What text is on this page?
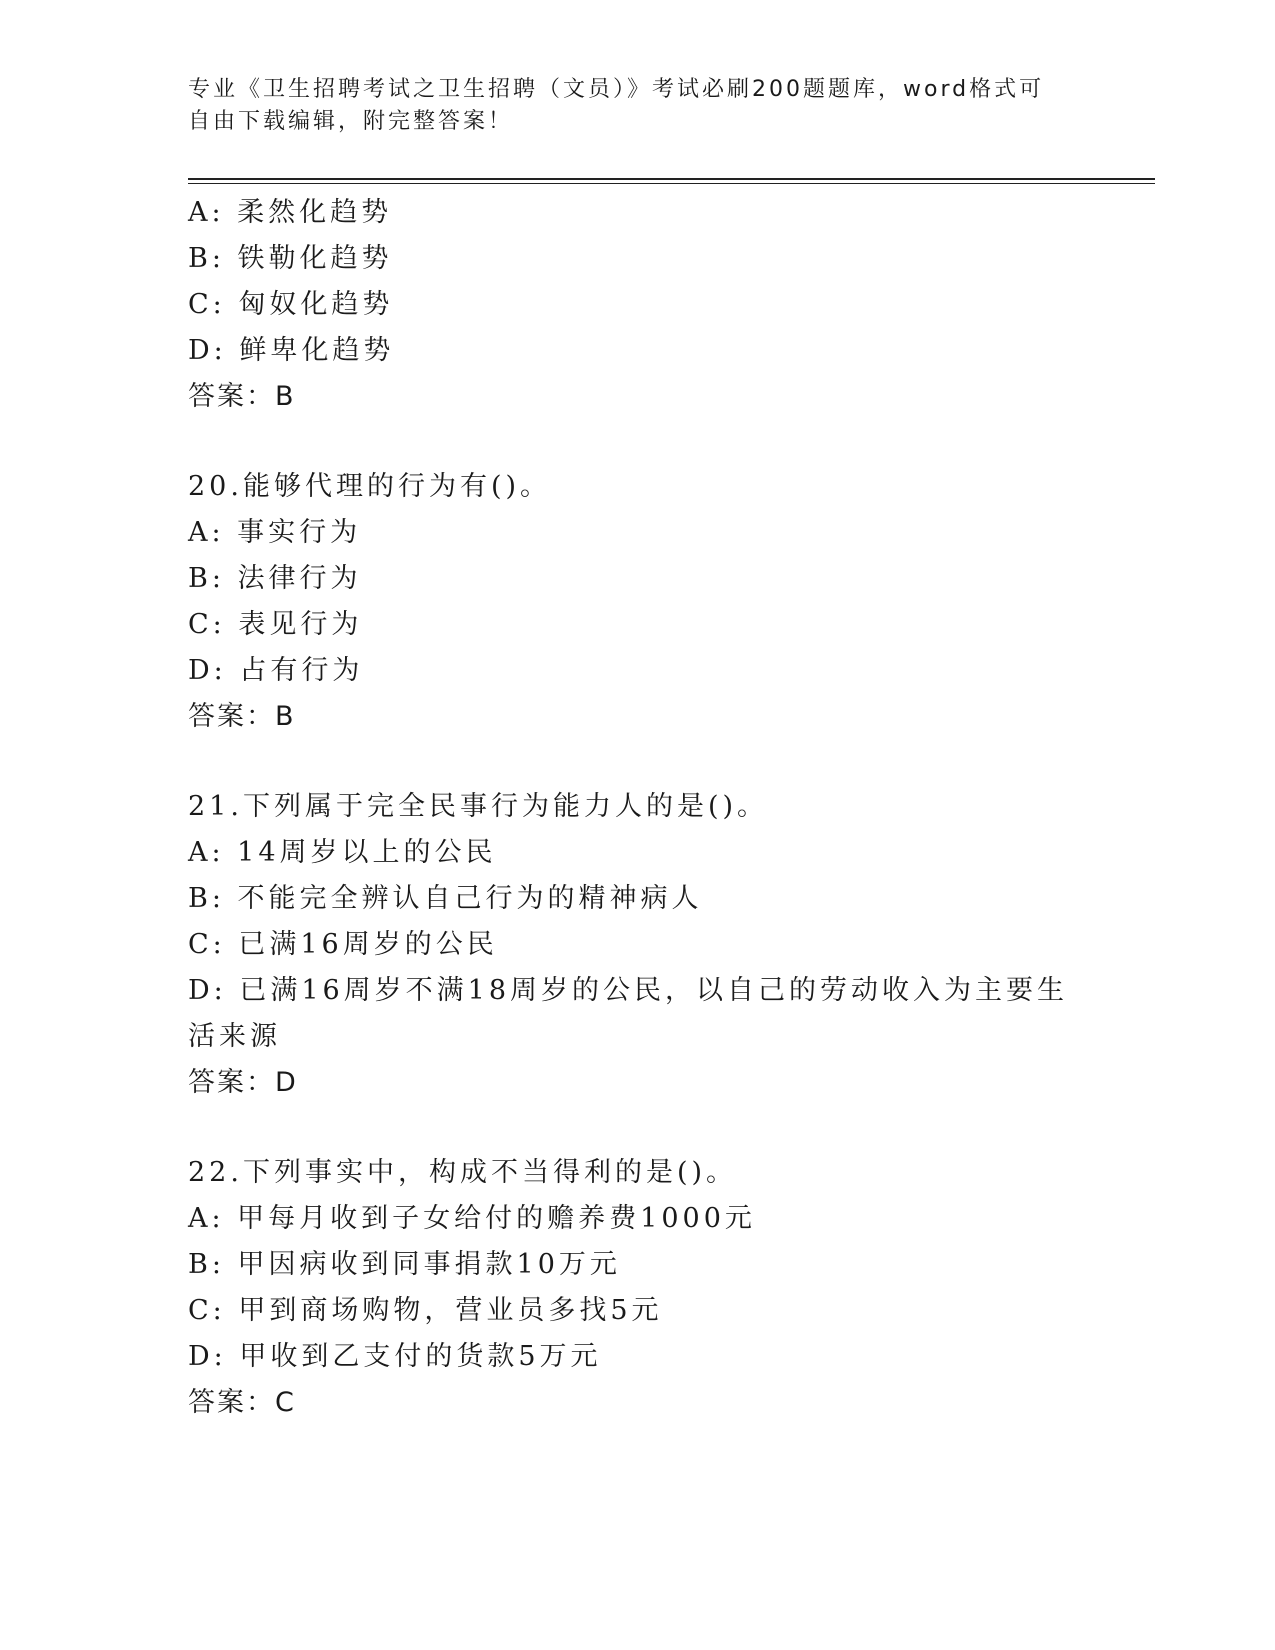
专业《卫生招聘考试之卫生招聘（文员）》考试必刷200题题库，word格式可自由下载编辑，附完整答案！
A: 柔然化趋势
B: 铁勒化趋势
C: 匈奴化趋势
D: 鲜卑化趋势
答案：B
20.能够代理的行为有()。
A: 事实行为
B: 法律行为
C: 表见行为
D: 占有行为
答案：B
21.下列属于完全民事行为能力人的是()。
A: 14周岁以上的公民
B: 不能完全辨认自己行为的精神病人
C: 已满16周岁的公民
D: 已满16周岁不满18周岁的公民，以自己的劳动收入为主要生活来源
答案：D
22.下列事实中，构成不当得利的是()。
A: 甲每月收到子女给付的赡养费1000元
B: 甲因病收到同事捐款10万元
C: 甲到商场购物，营业员多找5元
D: 甲收到乙支付的货款5万元
答案：C
